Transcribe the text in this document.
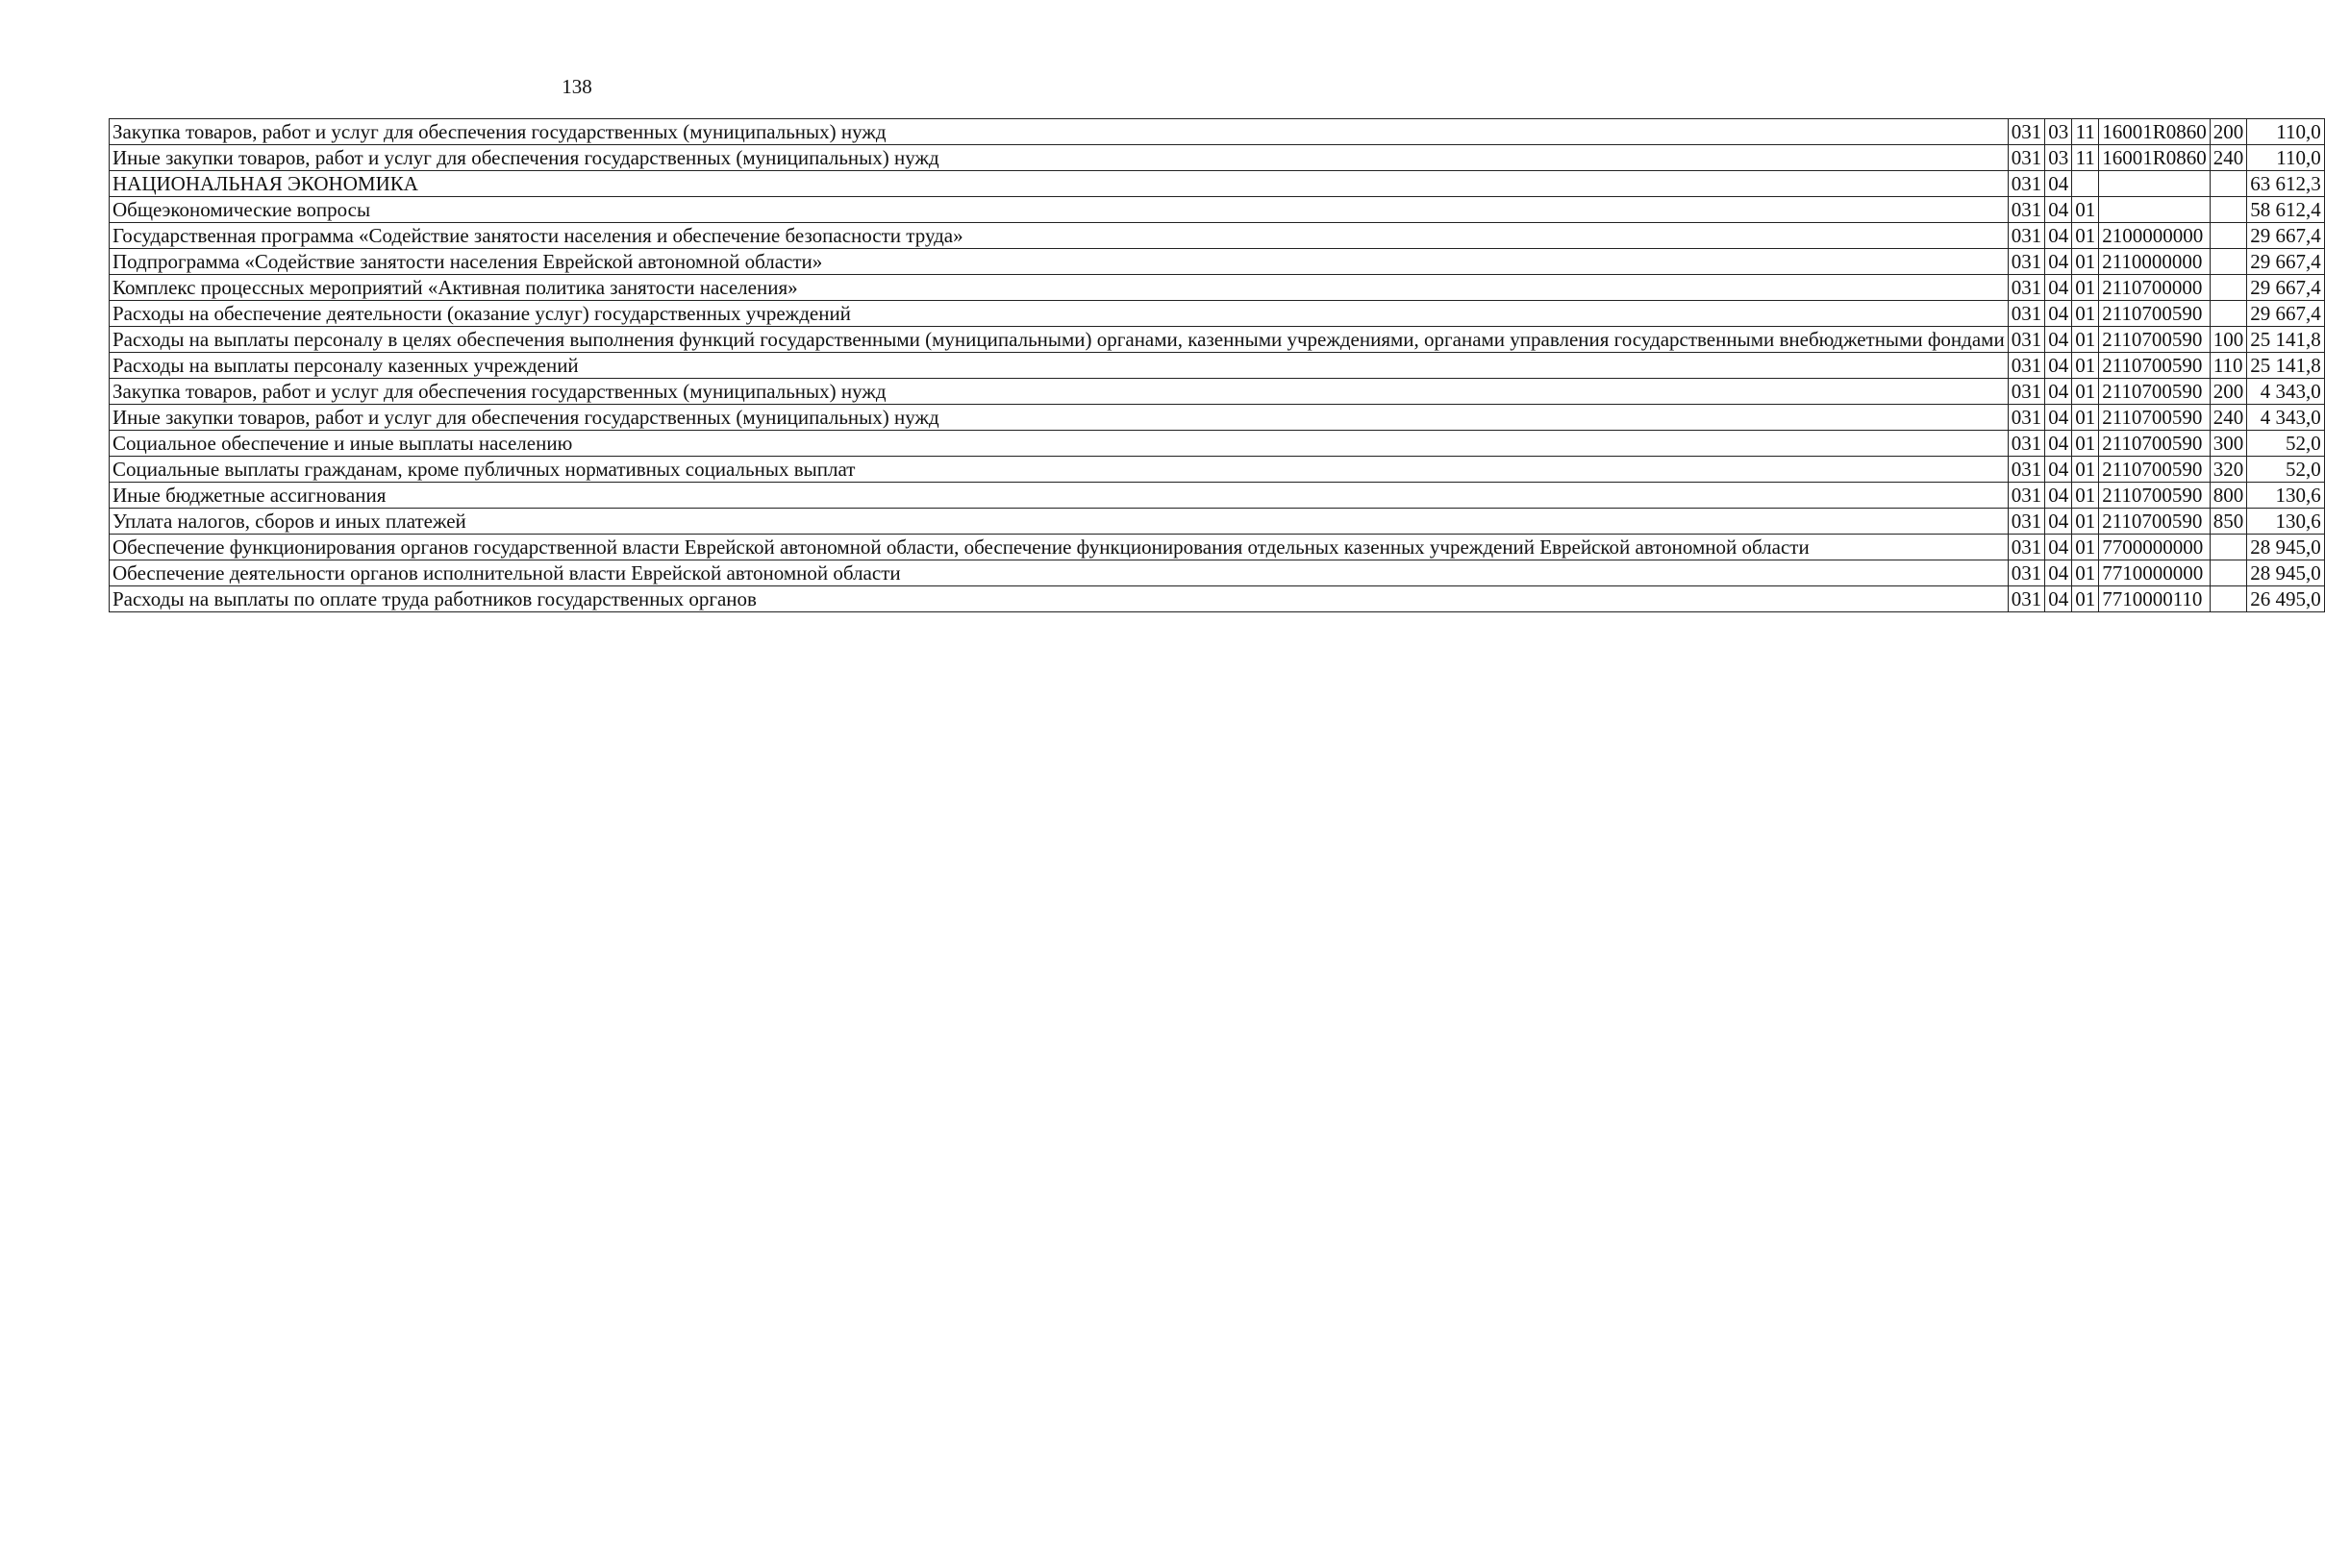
138
Закупка товаров, работ и услуг для обеспечения государственных (муниципальных) нужд	031	03	11	16001R0860	200	110,0
Иные закупки товаров, работ и услуг для обеспечения государственных (муниципальных) нужд	031	03	11	16001R0860	240	110,0
НАЦИОНАЛЬНАЯ ЭКОНОМИКА	031	04				63 612,3
Общеэкономические вопросы	031	04	01			58 612,4
Государственная программа «Содействие занятости населения и обеспечение безопасности труда»	031	04	01	2100000000		29 667,4
Подпрограмма «Содействие занятости населения Еврейской автономной области»	031	04	01	2110000000		29 667,4
Комплекс процессных мероприятий «Активная политика занятости населения»	031	04	01	2110700000		29 667,4
Расходы на обеспечение деятельности (оказание услуг) государственных учреждений	031	04	01	2110700590		29 667,4
Расходы на выплаты персоналу в целях обеспечения выполнения функций государственными (муниципальными) органами, казенными учреждениями, органами управления государственными внебюджетными фондами	031	04	01	2110700590	100	25 141,8
Расходы на выплаты персоналу казенных учреждений	031	04	01	2110700590	110	25 141,8
Закупка товаров, работ и услуг для обеспечения государственных (муниципальных) нужд	031	04	01	2110700590	200	4 343,0
Иные закупки товаров, работ и услуг для обеспечения государственных (муниципальных) нужд	031	04	01	2110700590	240	4 343,0
Социальное обеспечение и иные выплаты населению	031	04	01	2110700590	300	52,0
Социальные выплаты гражданам, кроме публичных нормативных социальных выплат	031	04	01	2110700590	320	52,0
Иные бюджетные ассигнования	031	04	01	2110700590	800	130,6
Уплата налогов, сборов и иных платежей	031	04	01	2110700590	850	130,6
Обеспечение функционирования органов государственной власти Еврейской автономной области, обеспечение функционирования отдельных казенных учреждений Еврейской автономной области	031	04	01	7700000000		28 945,0
Обеспечение деятельности органов исполнительной власти Еврейской автономной области	031	04	01	7710000000		28 945,0
Расходы на выплаты по оплате труда работников государственных органов	031	04	01	7710000110		26 495,0
